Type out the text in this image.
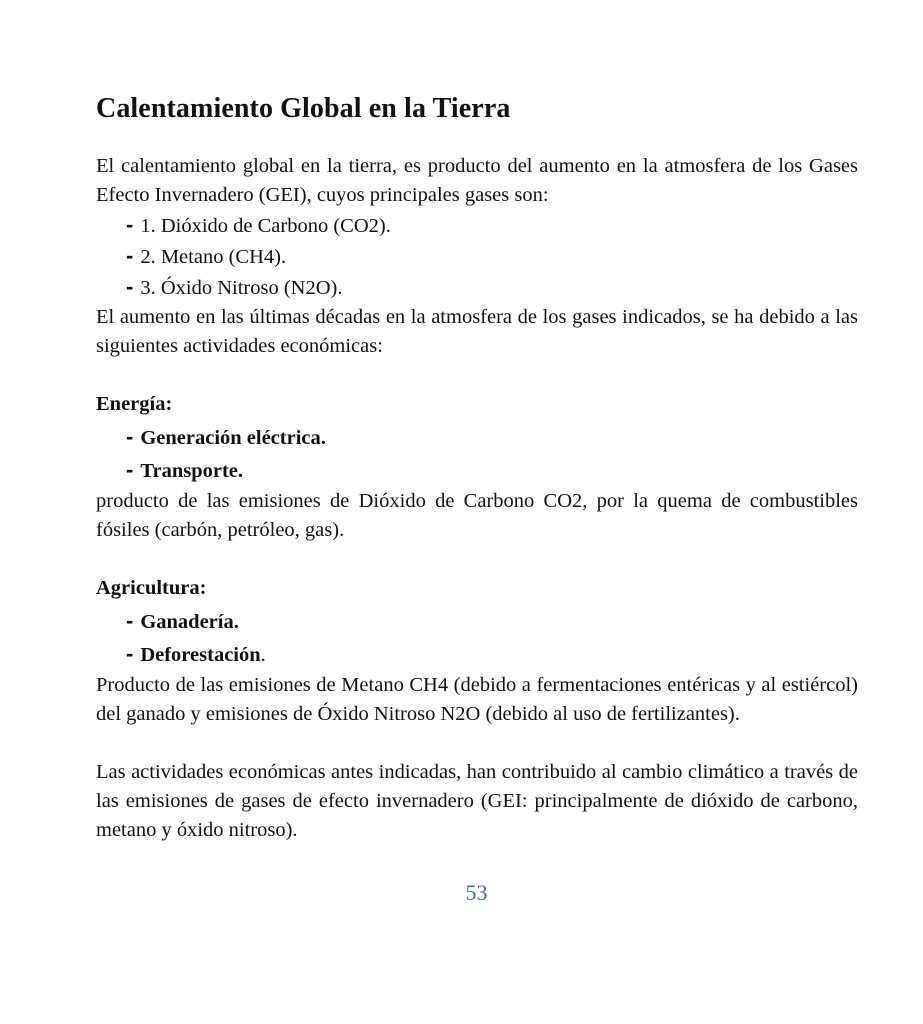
Calentamiento Global en la Tierra

El calentamiento global en la tierra, es producto del aumento en la atmosfera de los Gases Efecto Invernadero (GEI), cuyos principales gases son:

- 1. Dióxido de Carbono (CO2).
- 2. Metano (CH4).
- 3. Óxido Nitroso (N2O).

El aumento en las últimas décadas en la atmosfera de los gases indicados, se ha debido a las siguientes actividades económicas:

Energía:
- Generación eléctrica.
- Transporte.

producto de las emisiones de Dióxido de Carbono CO2, por la quema de combustibles fósiles (carbón, petróleo, gas).

Agricultura:
- Ganadería.
- Deforestación.

Producto de las emisiones de Metano CH4 (debido a fermentaciones entéricas y al estiércol) del ganado y emisiones de Óxido Nitroso N2O (debido al uso de fertilizantes).

Las actividades económicas antes indicadas, han contribuido al cambio climático a través de las emisiones de gases de efecto invernadero (GEI: principalmente de dióxido de carbono, metano y óxido nitroso).

53
